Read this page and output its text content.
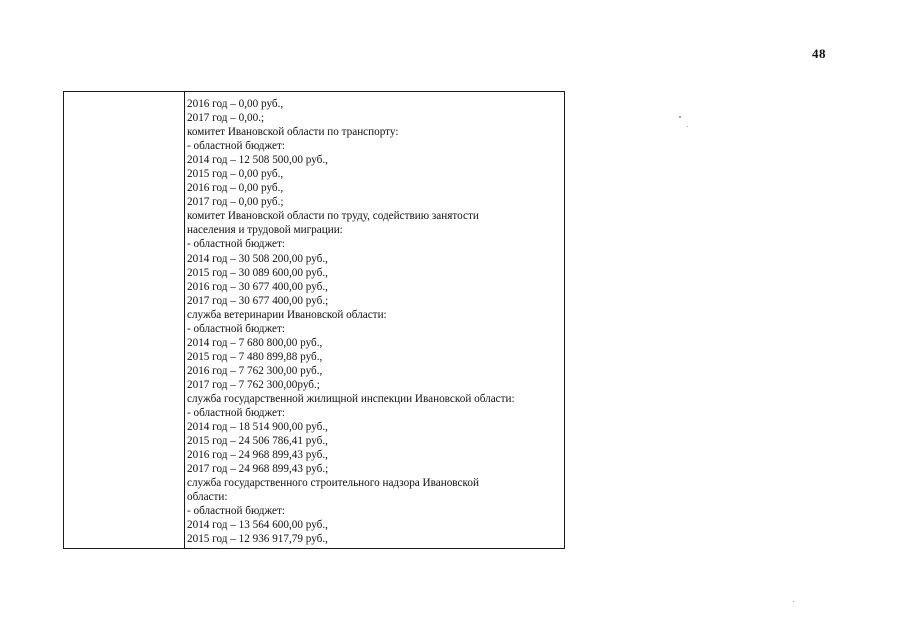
48
2016 год – 0,00 руб.,
2017 год – 0,00.;
комитет Ивановской области по транспорту:
- областной бюджет:
2014 год – 12 508 500,00 руб.,
2015 год – 0,00 руб.,
2016 год – 0,00 руб.,
2017 год – 0,00 руб.;
комитет Ивановской области по труду, содействию занятости
населения и трудовой миграции:
- областной бюджет:
2014 год – 30 508 200,00 руб.,
2015 год – 30 089 600,00 руб.,
2016 год – 30 677 400,00 руб.,
2017 год – 30 677 400,00 руб.;
служба ветеринарии Ивановской области:
- областной бюджет:
2014 год – 7 680 800,00 руб.,
2015 год – 7 480 899,88 руб.,
2016 год – 7 762 300,00 руб.,
2017 год – 7 762 300,00руб.;
служба государственной жилищной инспекции Ивановской области:
- областной бюджет:
2014 год – 18 514 900,00 руб.,
2015 год – 24 506 786,41 руб.,
2016 год – 24 968 899,43 руб.,
2017 год – 24 968 899,43 руб.;
служба государственного строительного надзора Ивановской
области:
- областной бюджет:
2014 год – 13 564 600,00 руб.,
2015 год – 12 936 917,79 руб.,
